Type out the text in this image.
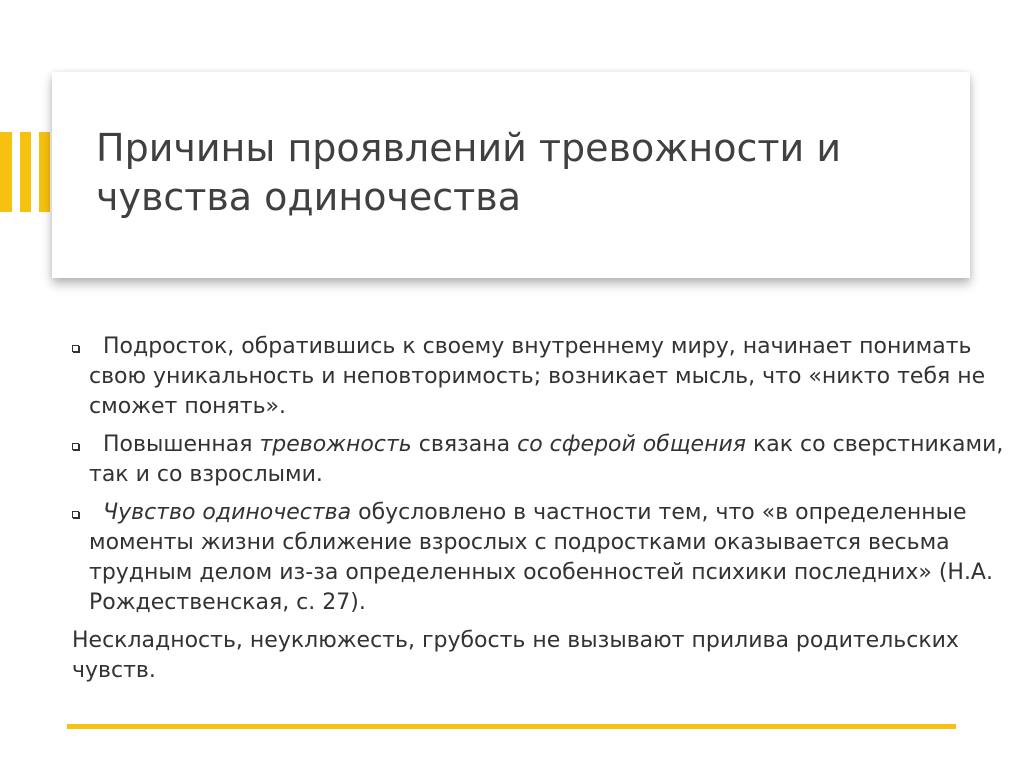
Причины проявлений тревожности и
чувства одиночества
Подросток, обратившись к своему внутреннему миру, начинает понимать свою уникальность и неповторимость; возникает мысль, что «никто тебя не сможет понять».
Повышенная тревожность связана со сферой общения как со сверстниками, так и со взрослыми.
Чувство одиночества обусловлено в частности тем, что «в определенные моменты жизни сближение взрослых с подростками оказывается весьма трудным делом из-за определенных особенностей психики последних» (Н.А. Рождественская, с. 27).
Нескладность, неуклюжесть, грубость не вызывают прилива родительских чувств.
